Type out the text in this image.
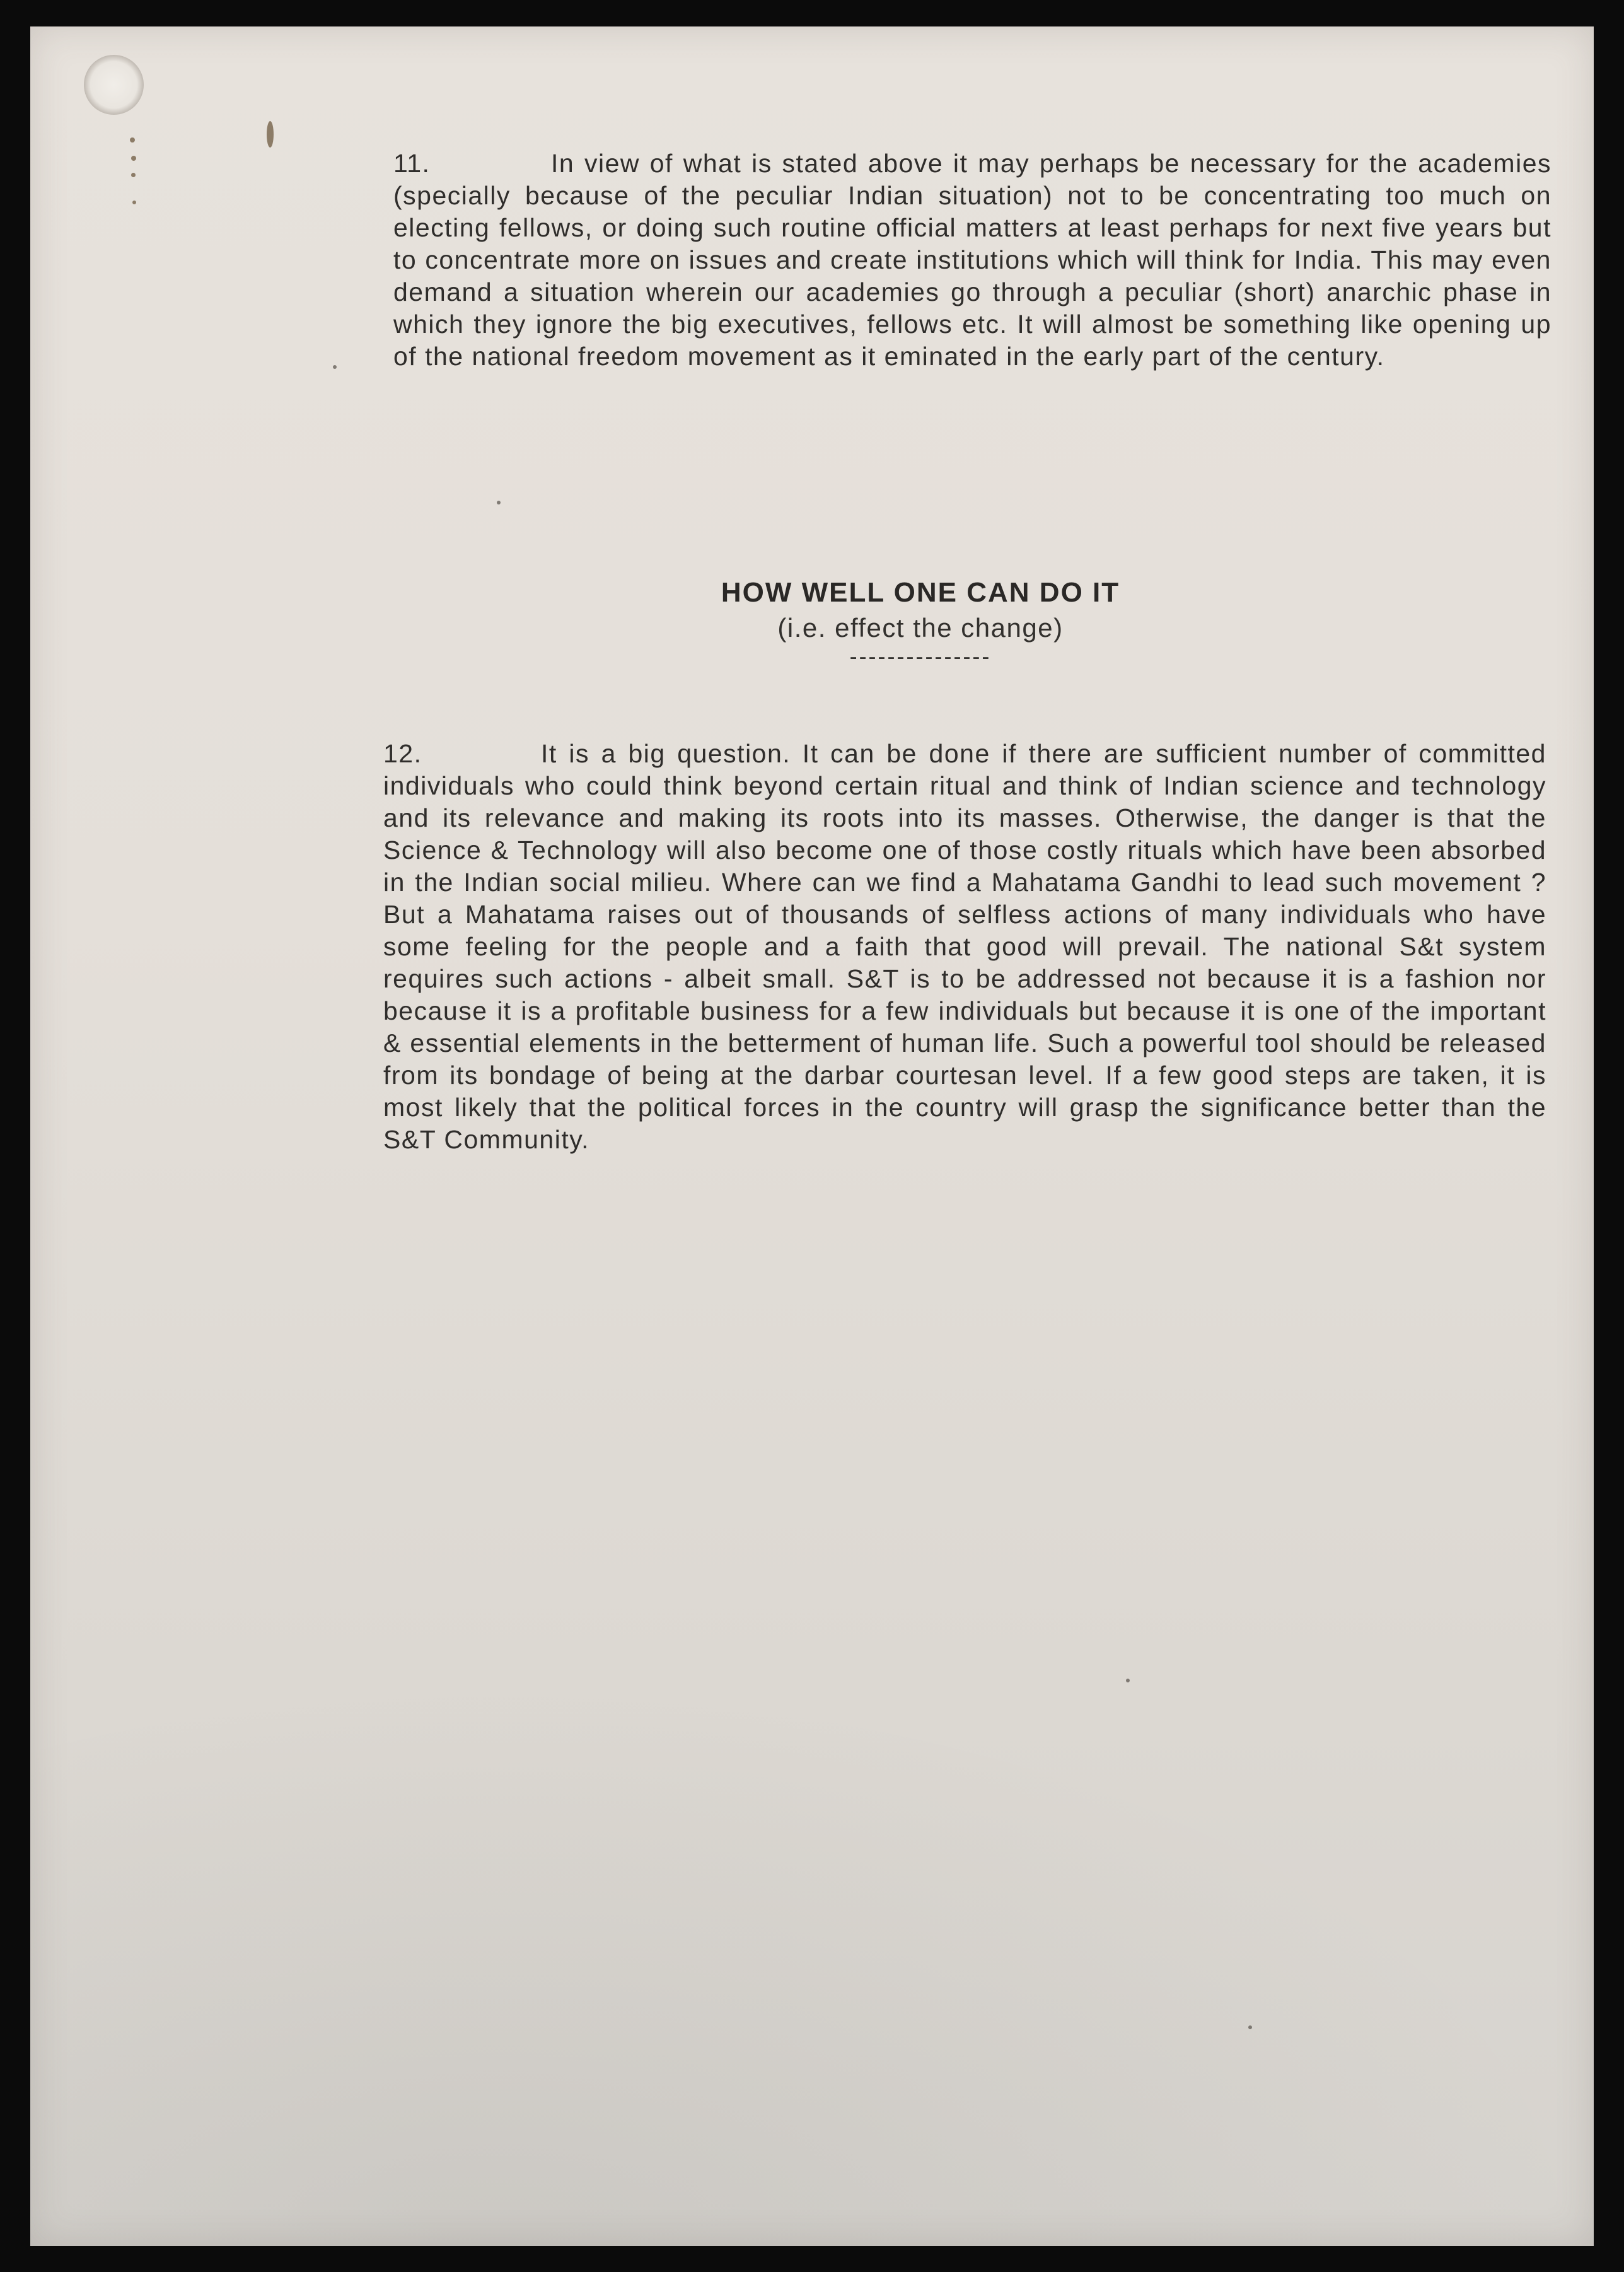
11.	In view of what is stated above it may perhaps be necessary for the academies (specially because of the peculiar Indian situation) not to be concentrating too much on electing fellows, or doing such routine official matters at least perhaps for next five years but to concentrate more on issues and create institutions which will think for India. This may even demand a situation wherein our academies go through a peculiar (short) anarchic phase in which they ignore the big executives, fellows etc. It will almost be something like opening up of the national freedom movement as it eminated in the early part of the century.

HOW WELL ONE CAN DO IT
(i.e. effect the change)
---------------

12.	It is a big question. It can be done if there are sufficient number of committed individuals who could think beyond certain ritual and think of Indian science and technology and its relevance and making its roots into its masses. Otherwise, the danger is that the Science & Technology will also become one of those costly rituals which have been absorbed in the Indian social milieu. Where can we find a Mahatama Gandhi to lead such movement ? But a Mahatama raises out of thousands of selfless actions of many individuals who have some feeling for the people and a faith that good will prevail. The national S&t system requires such actions - albeit small. S&T is to be addressed not because it is a fashion nor because it is a profitable business for a few individuals but because it is one of the important & essential elements in the betterment of human life. Such a powerful tool should be released from its bondage of being at the darbar courtesan level. If a few good steps are taken, it is most likely that the political forces in the country will grasp the significance better than the S&T Community.
